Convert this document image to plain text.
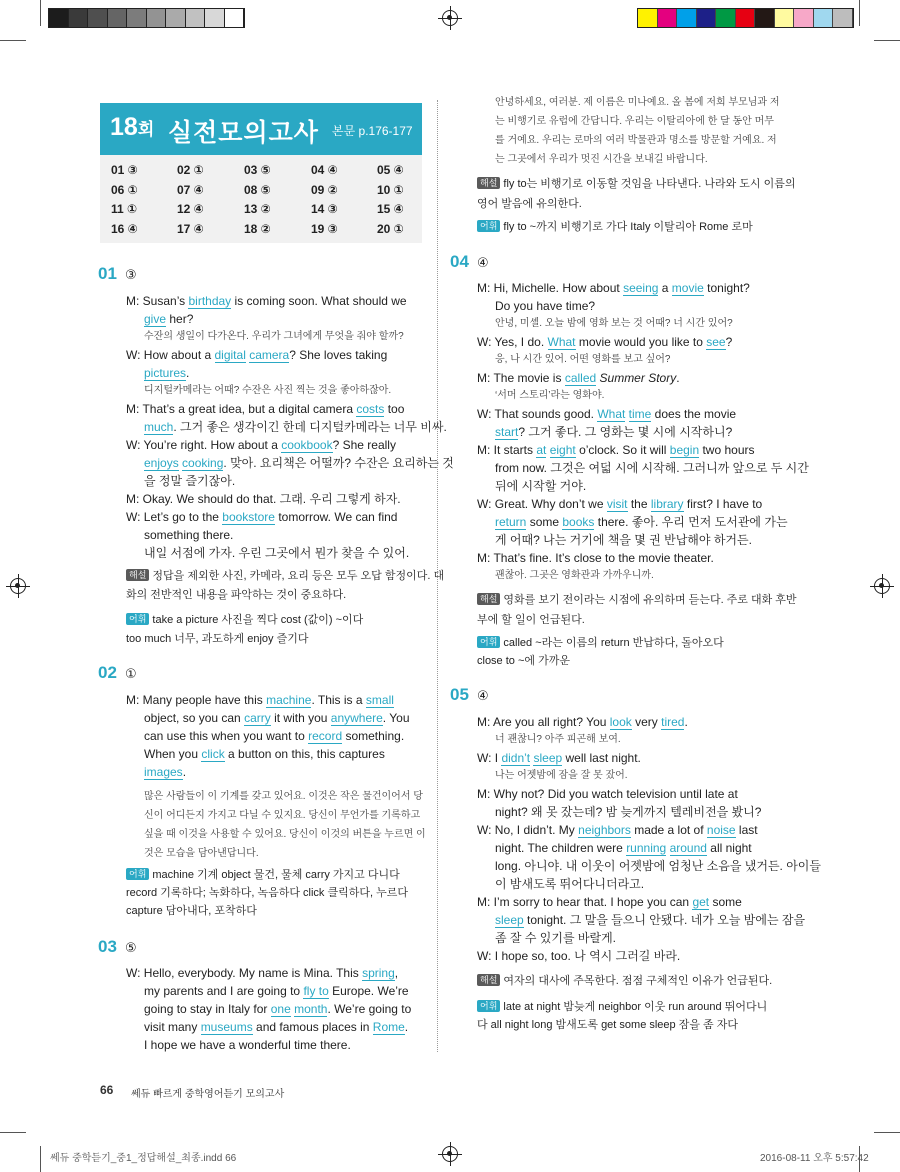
18회 실전모의고사 본문 p.176-177
01 ③	02 ①	03 ⑤	04 ④	05 ④
06 ①	07 ④	08 ⑤	09 ②	10 ①
11 ①	12 ④	13 ②	14 ③	15 ④
16 ④	17 ④	18 ②	19 ③	20 ①
01 ③
M: Susan’s birthday is coming soon. What should we
give her?
수잔의 생일이 다가온다. 우리가 그녀에게 무엇을 줘야 할까?
W: How about a digital camera? She loves taking
pictures.
디지털카메라는 어때? 수잔은 사진 찍는 것을 좋아하잖아.
M: That’s a great idea, but a digital camera costs too
much. 그거 좋은 생각이긴 한데 디지털카메라는 너무 비싸.
W: You’re right. How about a cookbook? She really
enjoys cooking. 맞아. 요리책은 어떨까? 수잔은 요리하는 것
을 정말 즐기잖아.
M: Okay. We should do that. 그래. 우리 그렇게 하자.
W: Let’s go to the bookstore tomorrow. We can find
something there.
내일 서점에 가자. 우린 그곳에서 뭔가 찾을 수 있어.
해설 정답을 제외한 사진, 카메라, 요리 등은 모두 오답 함정이다. 대
화의 전반적인 내용을 파악하는 것이 중요하다.
어휘 take a picture 사진을 찍다 cost (값이) ~이다
too much 너무, 과도하게 enjoy 즐기다
02 ①
M: Many people have this machine. This is a small
object, so you can carry it with you anywhere. You
can use this when you want to record something.
When you click a button on this, this captures
images.
많은 사람들이 이 기계를 갖고 있어요. 이것은 작은 물건이어서 당
신이 어디든지 가지고 다닐 수 있지요. 당신이 무언가를 기록하고
싶을 때 이것을 사용할 수 있어요. 당신이 이것의 버튼을 누르면 이
것은 모습을 담아낸답니다.
어휘 machine 기계 object 물건, 물체 carry 가지고 다니다
record 기록하다; 녹화하다, 녹음하다 click 클릭하다, 누르다
capture 담아내다, 포착하다
03 ⑤
W: Hello, everybody. My name is Mina. This spring,
my parents and I are going to fly to Europe. We’re
going to stay in Italy for one month. We’re going to
visit many museums and famous places in Rome.
I hope we have a wonderful time there.
안녕하세요, 여러분. 제 이름은 미나예요. 올 봄에 저희 부모님과 저
는 비행기로 유럽에 간답니다. 우리는 이탈리아에 한 달 동안 머무
를 거예요. 우리는 로마의 여러 박물관과 명소를 방문할 거예요. 저
는 그곳에서 우리가 멋진 시간을 보내길 바랍니다.
해설 fly to는 비행기로 이동할 것임을 나타낸다. 나라와 도시 이름의
영어 발음에 유의한다.
어휘 fly to ~까지 비행기로 가다 Italy 이탈리아 Rome 로마
04 ④
M: Hi, Michelle. How about seeing a movie tonight?
Do you have time?
안녕, 미셸. 오늘 밤에 영화 보는 것 어때? 너 시간 있어?
W: Yes, I do. What movie would you like to see?
응, 나 시간 있어. 어떤 영화를 보고 싶어?
M: The movie is called Summer Story.
‘서머 스토리’라는 영화야.
W: That sounds good. What time does the movie
start? 그거 좋다. 그 영화는 몇 시에 시작하니?
M: It starts at eight o’clock. So it will begin two hours
from now. 그것은 여덟 시에 시작해. 그러니까 앞으로 두 시간
뒤에 시작할 거야.
W: Great. Why don’t we visit the library first? I have to
return some books there. 좋아. 우리 먼저 도서관에 가는
게 어때? 나는 거기에 책을 몇 권 반납해야 하거든.
M: That’s fine. It’s close to the movie theater.
괜찮아. 그곳은 영화관과 가까우니까.
해설 영화를 보기 전이라는 시점에 유의하며 듣는다. 주로 대화 후반
부에 할 일이 언급된다.
어휘 called ~라는 이름의 return 반납하다, 돌아오다
close to ~에 가까운
05 ④
M: Are you all right? You look very tired.
너 괜찮니? 아주 피곤해 보여.
W: I didn’t sleep well last night.
나는 어젯밤에 잠을 잘 못 잤어.
M: Why not? Did you watch television until late at
night? 왜 못 잤는데? 밤 늦게까지 텔레비전을 봤니?
W: No, I didn’t. My neighbors made a lot of noise last
night. The children were running around all night
long. 아니야. 내 이웃이 어젯밤에 엄청난 소음을 냈거든. 아이들
이 밤새도록 뛰어다니더라고.
M: I’m sorry to hear that. I hope you can get some
sleep tonight. 그 말을 들으니 안됐다. 네가 오늘 밤에는 잠을
좀 잘 수 있기를 바랄게.
W: I hope so, too. 나 역시 그러길 바라.
해설 여자의 대사에 주목한다. 점점 구체적인 이유가 언급된다.
어휘 late at night 밤늦게 neighbor 이웃 run around 뛰어다니
다 all night long 밤새도록 get some sleep 잠을 좀 자다
66 쎄듀 빠르게 중학영어듣기 모의고사
쎄듀 중학듣기_중1_정답해설_최종.indd 66	2016-08-11 오후 5:57:42
